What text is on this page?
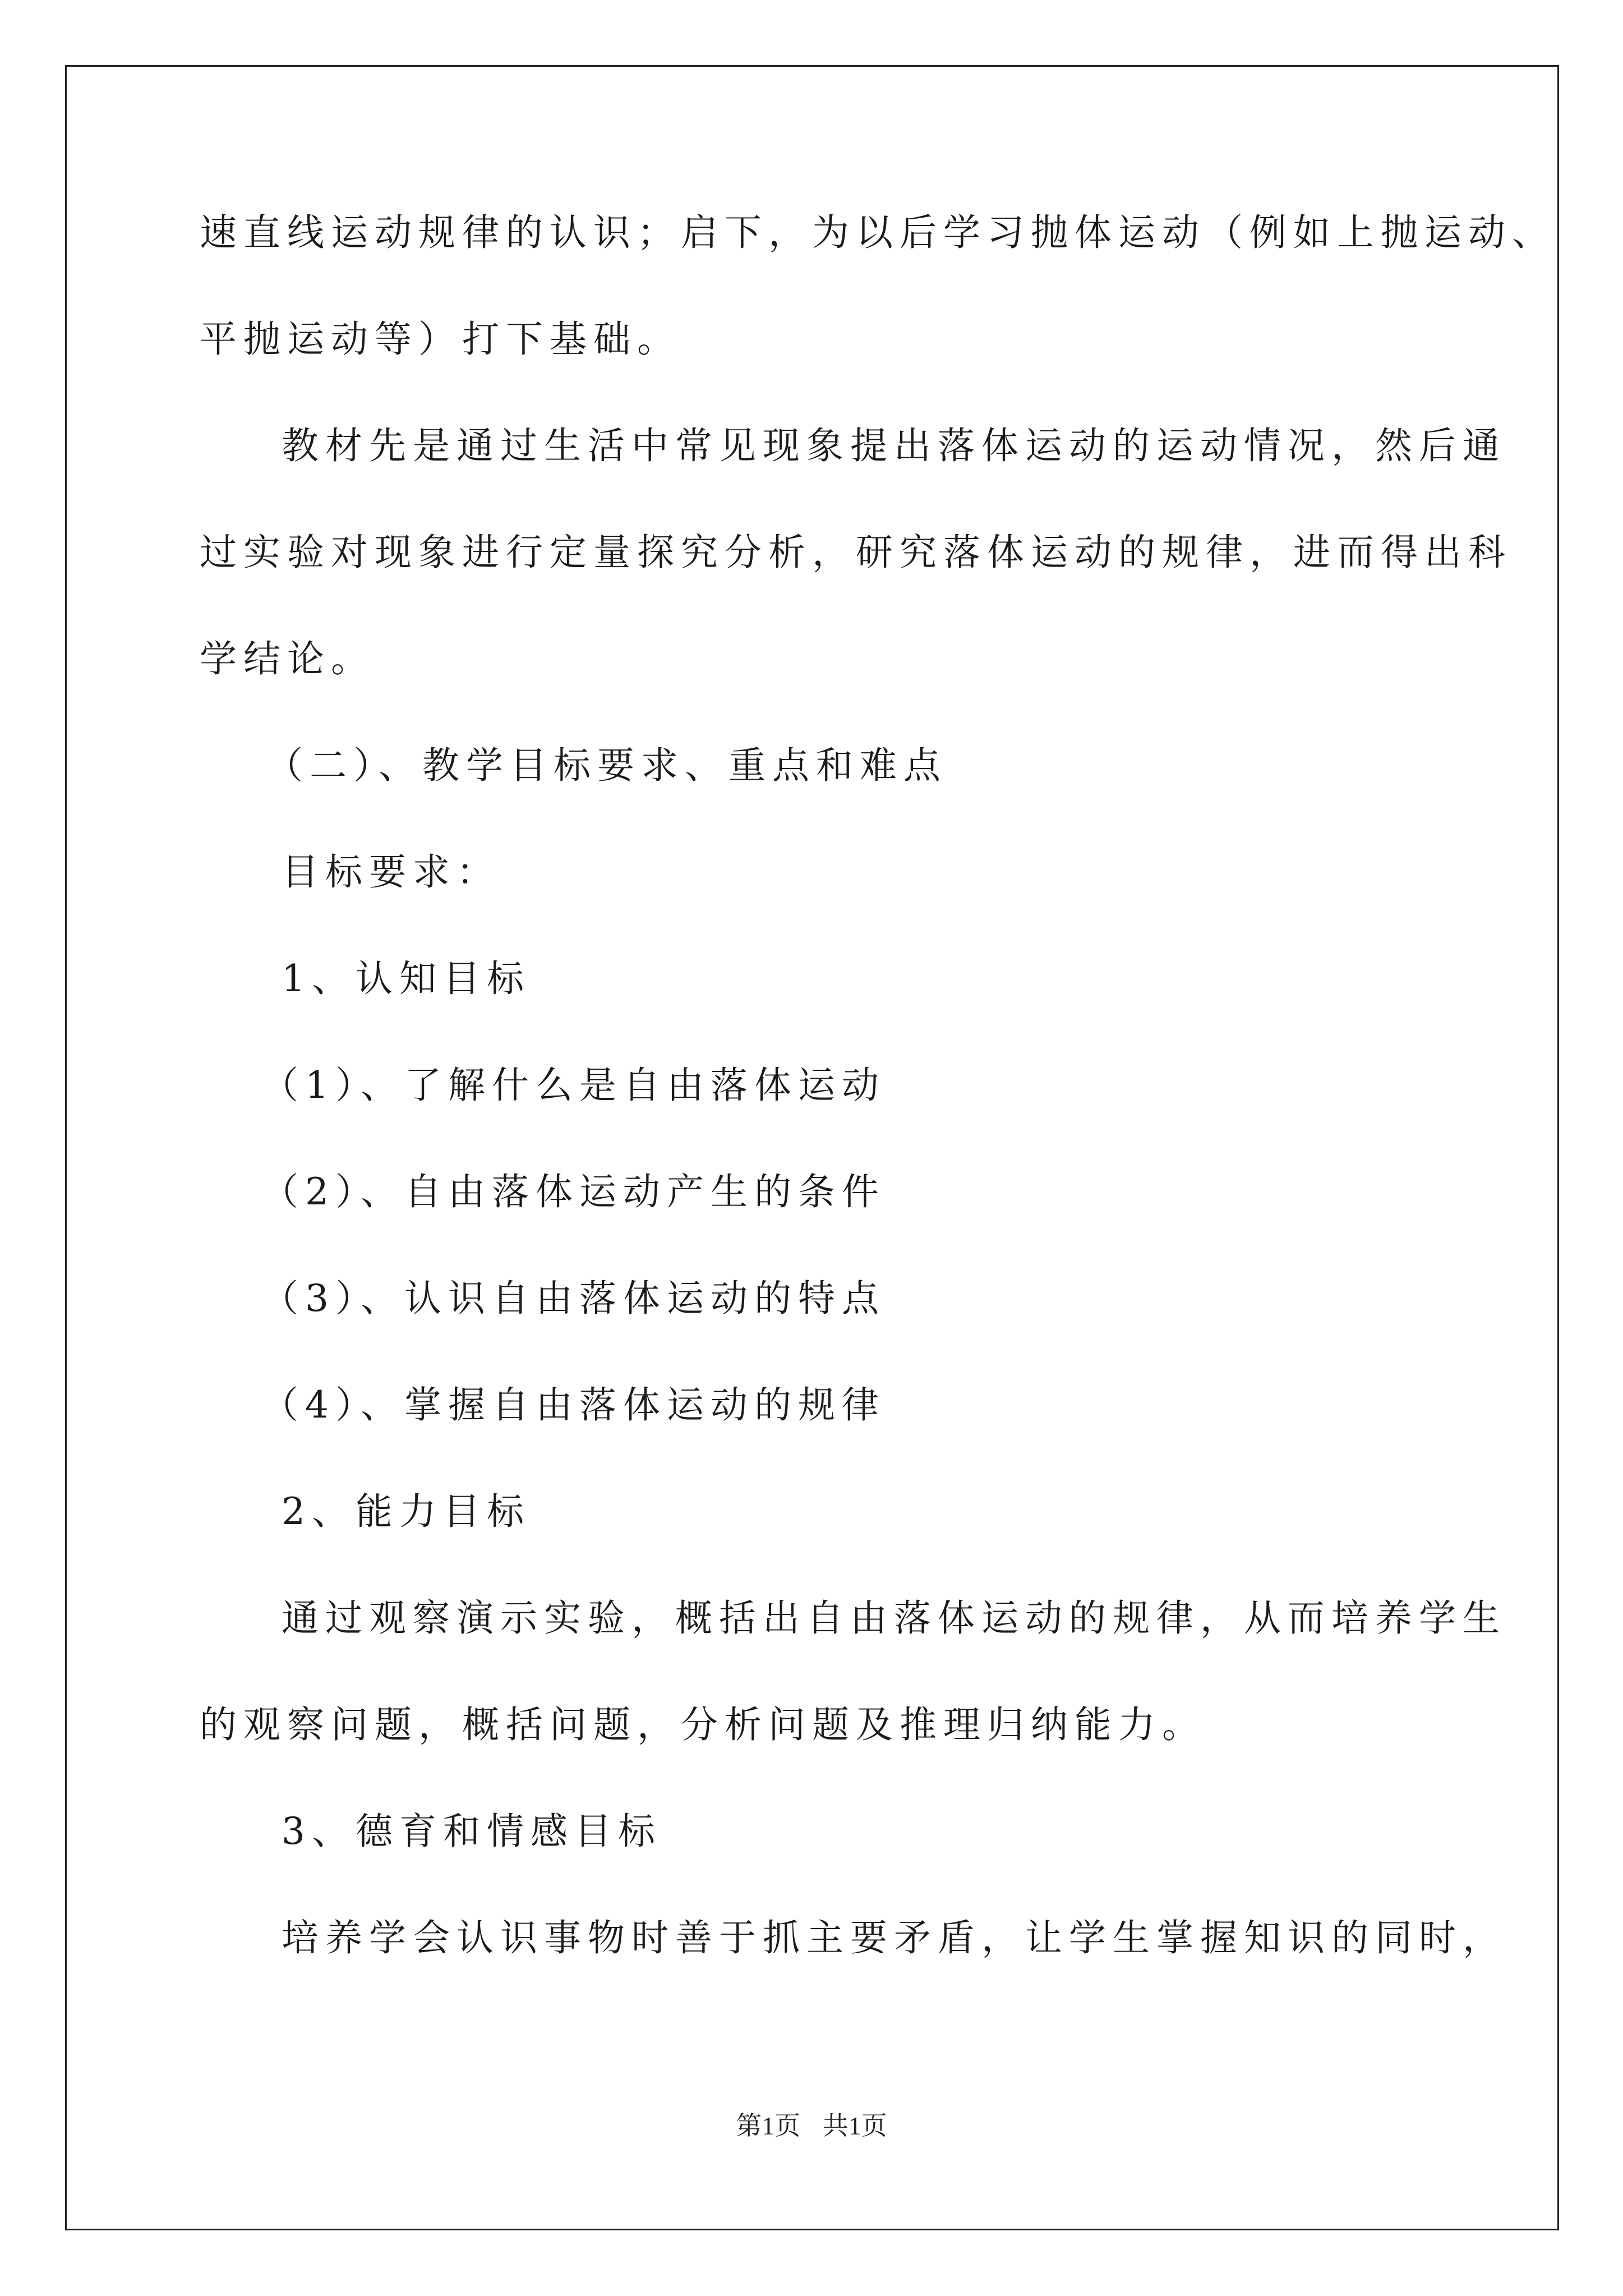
速直线运动规律的认识；启下，为以后学习抛体运动（例如上抛运动、
平抛运动等）打下基础。
教材先是通过生活中常见现象提出落体运动的运动情况，然后通
过实验对现象进行定量探究分析，研究落体运动的规律，进而得出科
学结论。
（二）、教学目标要求、重点和难点
目标要求：
1、认知目标
（1）、了解什么是自由落体运动
（2）、自由落体运动产生的条件
（3）、认识自由落体运动的特点
（4）、掌握自由落体运动的规律
2、能力目标
通过观察演示实验，概括出自由落体运动的规律，从而培养学生
的观察问题，概括问题，分析问题及推理归纳能力。
3、德育和情感目标
培养学会认识事物时善于抓主要矛盾，让学生掌握知识的同时，
第1页 共1页
